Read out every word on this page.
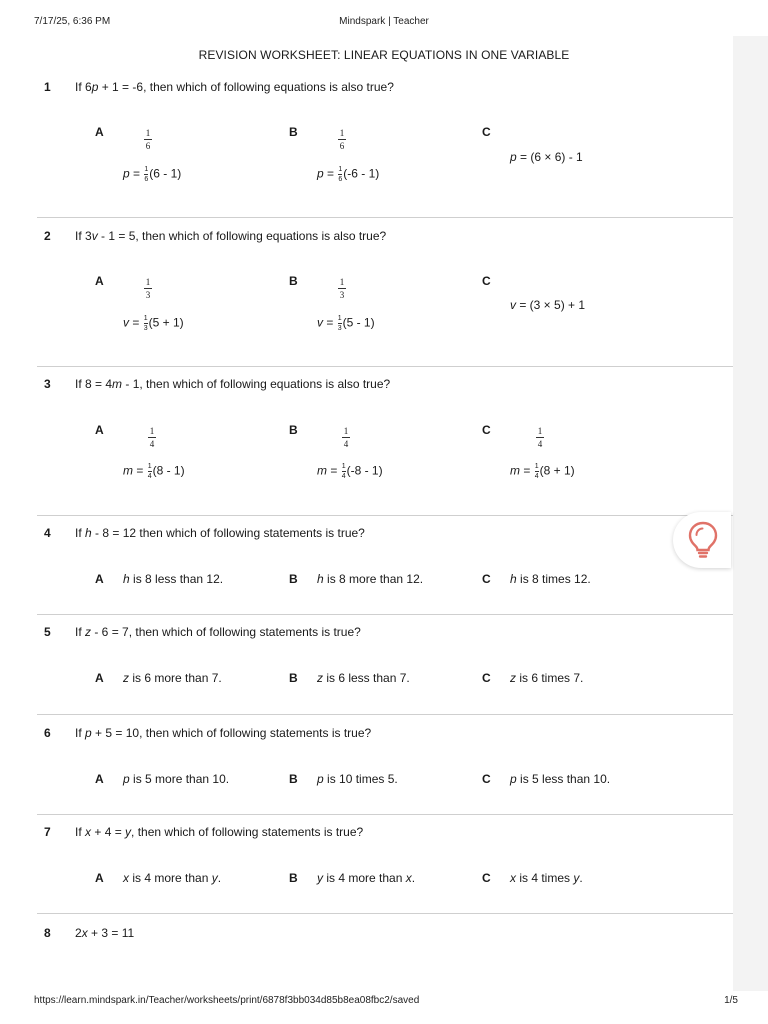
7/17/25, 6:36 PM	Mindspark | Teacher
REVISION WORKSHEET: LINEAR EQUATIONS IN ONE VARIABLE
1 If 6p + 1 = -6, then which of following equations is also true?
A	1
6
$p = \frac{1}{6}(6 - 1)$
B	1
6
$p = \frac{1}{6}(-6 - 1)$
C
p = (6 × 6) - 1
2 If 3v - 1 = 5, then which of following equations is also true?
A	1
3
$v = \frac{1}{3}(5 + 1)$
B	1
3
$v = \frac{1}{3}(5 - 1)$
C
v = (3 × 5) + 1
3 If 8 = 4m - 1, then which of following equations is also true?
A	1
4
$m = \frac{1}{4}(8 - 1)$
B	1
4
$m = \frac{1}{4}(-8 - 1)$
C	1
4
$m = \frac{1}{4}(8 + 1)$
4 If h - 8 = 12 then which of following statements is true?
A h is 8 less than 12.	B h is 8 more than 12.	C h is 8 times 12.
5 If z - 6 = 7, then which of following statements is true?
A z is 6 more than 7.	B z is 6 less than 7.	C z is 6 times 7.
6 If p + 5 = 10, then which of following statements is true?
A p is 5 more than 10.	B p is 10 times 5.	C p is 5 less than 10.
7 If x + 4 = y, then which of following statements is true?
A x is 4 more than y.	B y is 4 more than x.	C x is 4 times y.
8 2x + 3 = 11
https://learn.mindspark.in/Teacher/worksheets/print/6878f3bb034d85b8ea08fbc2/saved	1/5
